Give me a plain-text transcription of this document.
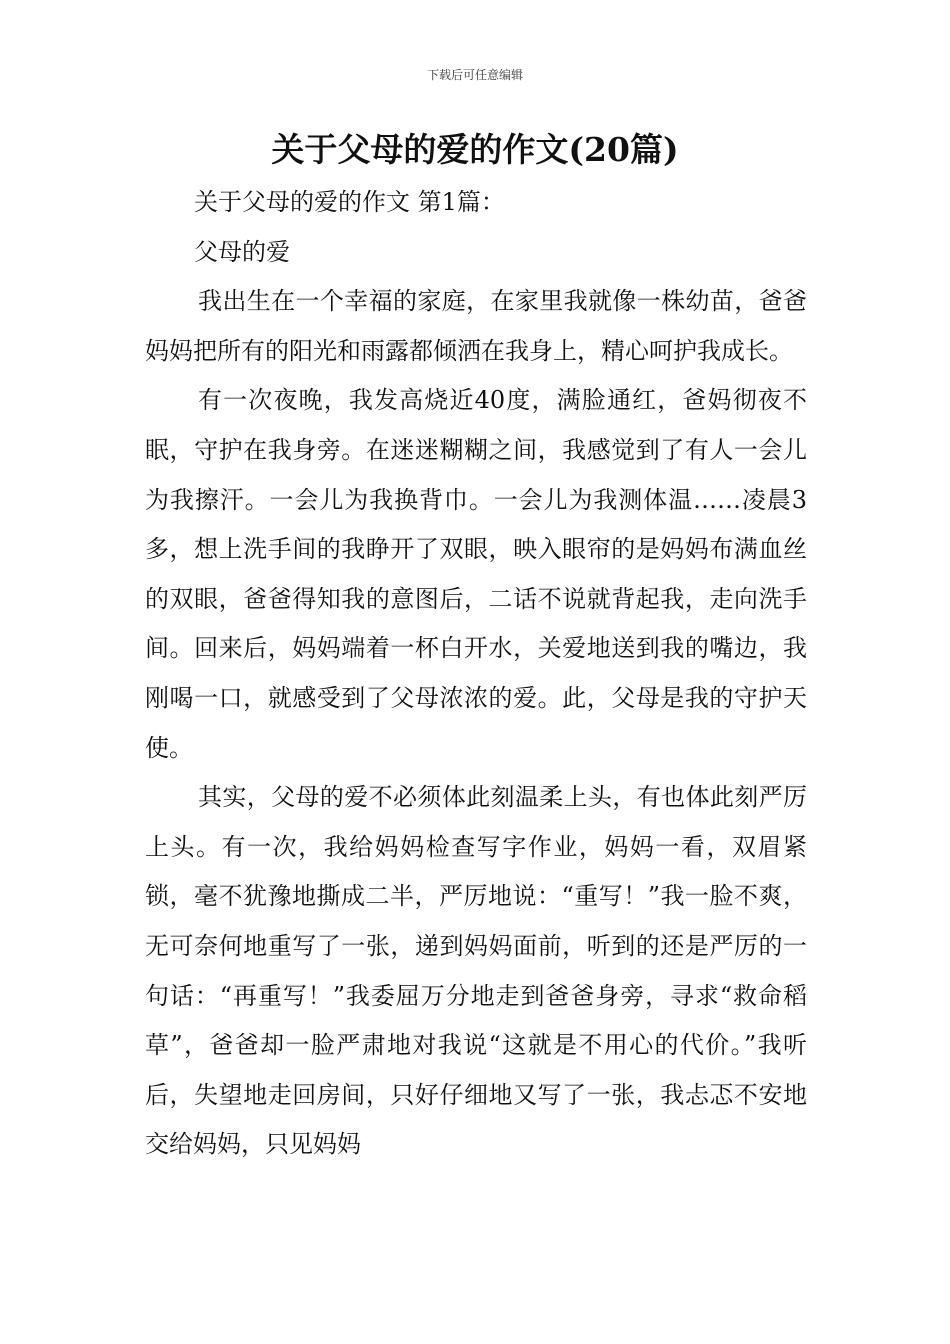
下载后可任意编辑
关于父母的爱的作文(20篇)

关于父母的爱的作文 第1篇：

父母的爱

我出生在一个幸福的家庭，在家里我就像一株幼苗，爸爸妈妈把所有的阳光和雨露都倾洒在我身上，精心呵护我成长。

有一次夜晚，我发高烧近40度，满脸通红，爸妈彻夜不眠，守护在我身旁。在迷迷糊糊之间，我感觉到了有人一会儿为我擦汗。一会儿为我换背巾。一会儿为我测体温……凌晨3多，想上洗手间的我睁开了双眼，映入眼帘的是妈妈布满血丝的双眼，爸爸得知我的意图后，二话不说就背起我，走向洗手间。回来后，妈妈端着一杯白开水，关爱地送到我的嘴边，我刚喝一口，就感受到了父母浓浓的爱。此，父母是我的守护天使。

其实，父母的爱不必须体此刻温柔上头，有也体此刻严厉上头。有一次，我给妈妈检查写字作业，妈妈一看，双眉紧锁，毫不犹豫地撕成二半，严厉地说：“重写！”我一脸不爽，无可奈何地重写了一张，递到妈妈面前，听到的还是严厉的一句话：“再重写！”我委屈万分地走到爸爸身旁，寻求“救命稻草”，爸爸却一脸严肃地对我说“这就是不用心的代价。”我听后，失望地走回房间，只好仔细地又写了一张，我忐忑不安地交给妈妈，只见妈妈
